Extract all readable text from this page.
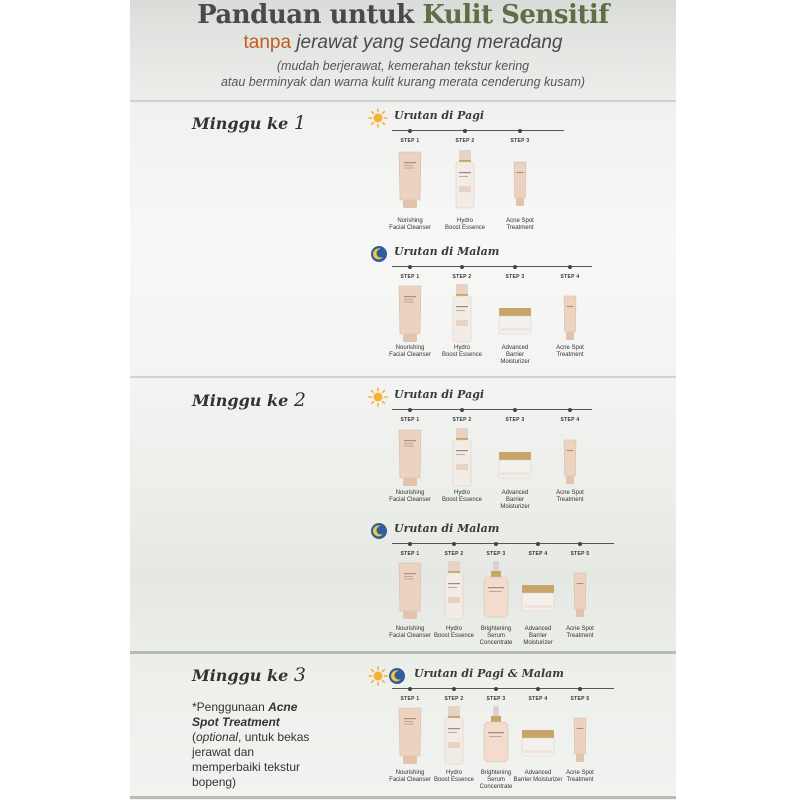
Panduan untuk Kulit Sensitif
tanpa jerawat yang sedang meradang
(mudah berjerawat, kemerahan tekstur kering
atau berminyak dan warna kulit kurang merata cenderung kusam)
Minggu ke 1
Minggu ke 2
Minggu ke 3
*Penggunaan Acne Spot Treatment (optional, untuk bekas jerawat dan memperbaiki tekstur bopeng)
Urutan di Pagi
STEP 1
Norishing
Facial Cleanser
STEP 2
Hydro
Boost Essence
STEP 3
Acne Spot
Treatment
Urutan di Malam
STEP 1
Nourishing
Facial Cleanser
STEP 2
Hydro
Boost Essence
STEP 3
Advanced
Barrier
Moisturizer
STEP 4
Acne Spot
Treatment
Urutan di Pagi
STEP 1
Nourishing
Facial Cleanser
STEP 2
Hydro
Boost Essence
STEP 3
Advanced
Barrier
Moisturizer
STEP 4
Acne Spot
Treatment
Urutan di Malam
STEP 1
Nourishing
Facial Cleanser
STEP 2
Hydro
Boost Essence
STEP 3
Brightening
Serum
Concentrate
STEP 4
Advanced
Barrier
Moisturizer
STEP 5
Acne Spot
Treatment
Urutan di Pagi & Malam
STEP 1
Nourishing
Facial Cleanser
STEP 2
Hydro
Boost Essence
STEP 3
Brightening
Serum
Concentrate
STEP 4
Advanced
Barrier Moisturizer
STEP 5
Acne Spot
Treatment
